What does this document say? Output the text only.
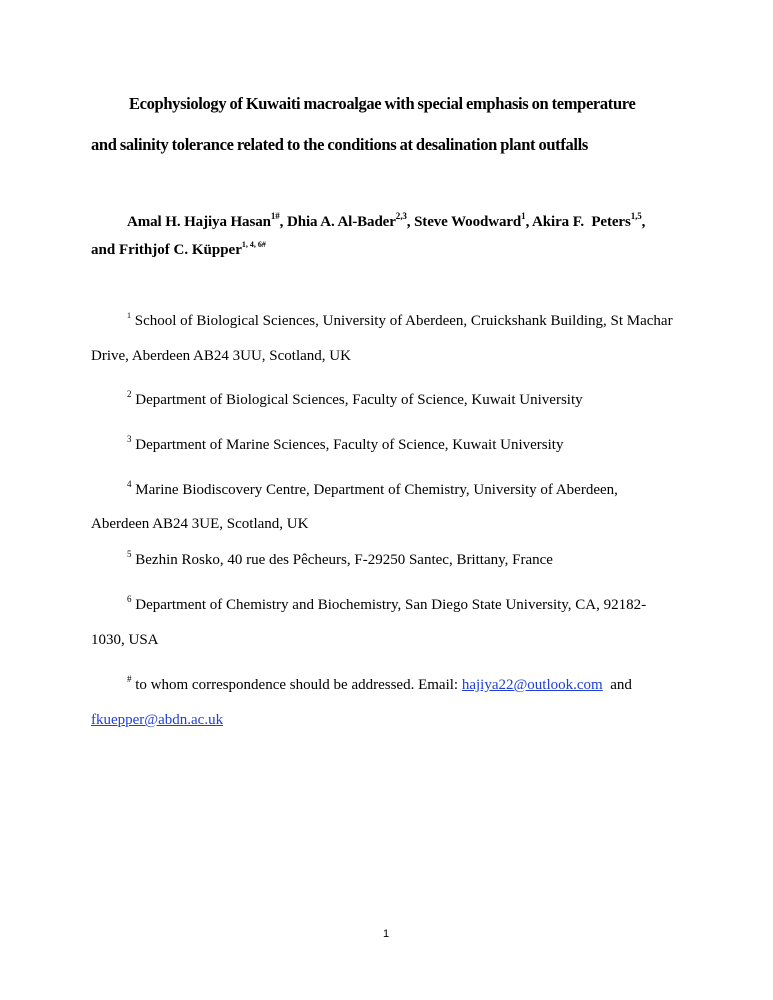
Ecophysiology of Kuwaiti macroalgae with special emphasis on temperature
and salinity tolerance related to the conditions at desalination plant outfalls
Amal H. Hajiya Hasan$^{1\#}$, Dhia A. Al-Bader$^{2,3}$, Steve Woodward$^1$, Akira F.  Peters$^{1,5}$,
and Frithjof C. Küpper$^{1, 4, 6\#}$
$^1$ School of Biological Sciences, University of Aberdeen, Cruickshank Building, St Machar
Drive, Aberdeen AB24 3UU, Scotland, UK
$^2$ Department of Biological Sciences, Faculty of Science, Kuwait University
$^3$ Department of Marine Sciences, Faculty of Science, Kuwait University
$^4$ Marine Biodiscovery Centre, Department of Chemistry, University of Aberdeen,
Aberdeen AB24 3UE, Scotland, UK
$^5$ Bezhin Rosko, 40 rue des Pêcheurs, F-29250 Santec, Brittany, France
$^6$ Department of Chemistry and Biochemistry, San Diego State University, CA, 92182-
1030, USA
# to whom correspondence should be addressed. Email: hajiya22@outlook.com  and
fkuepper@abdn.ac.uk
1
